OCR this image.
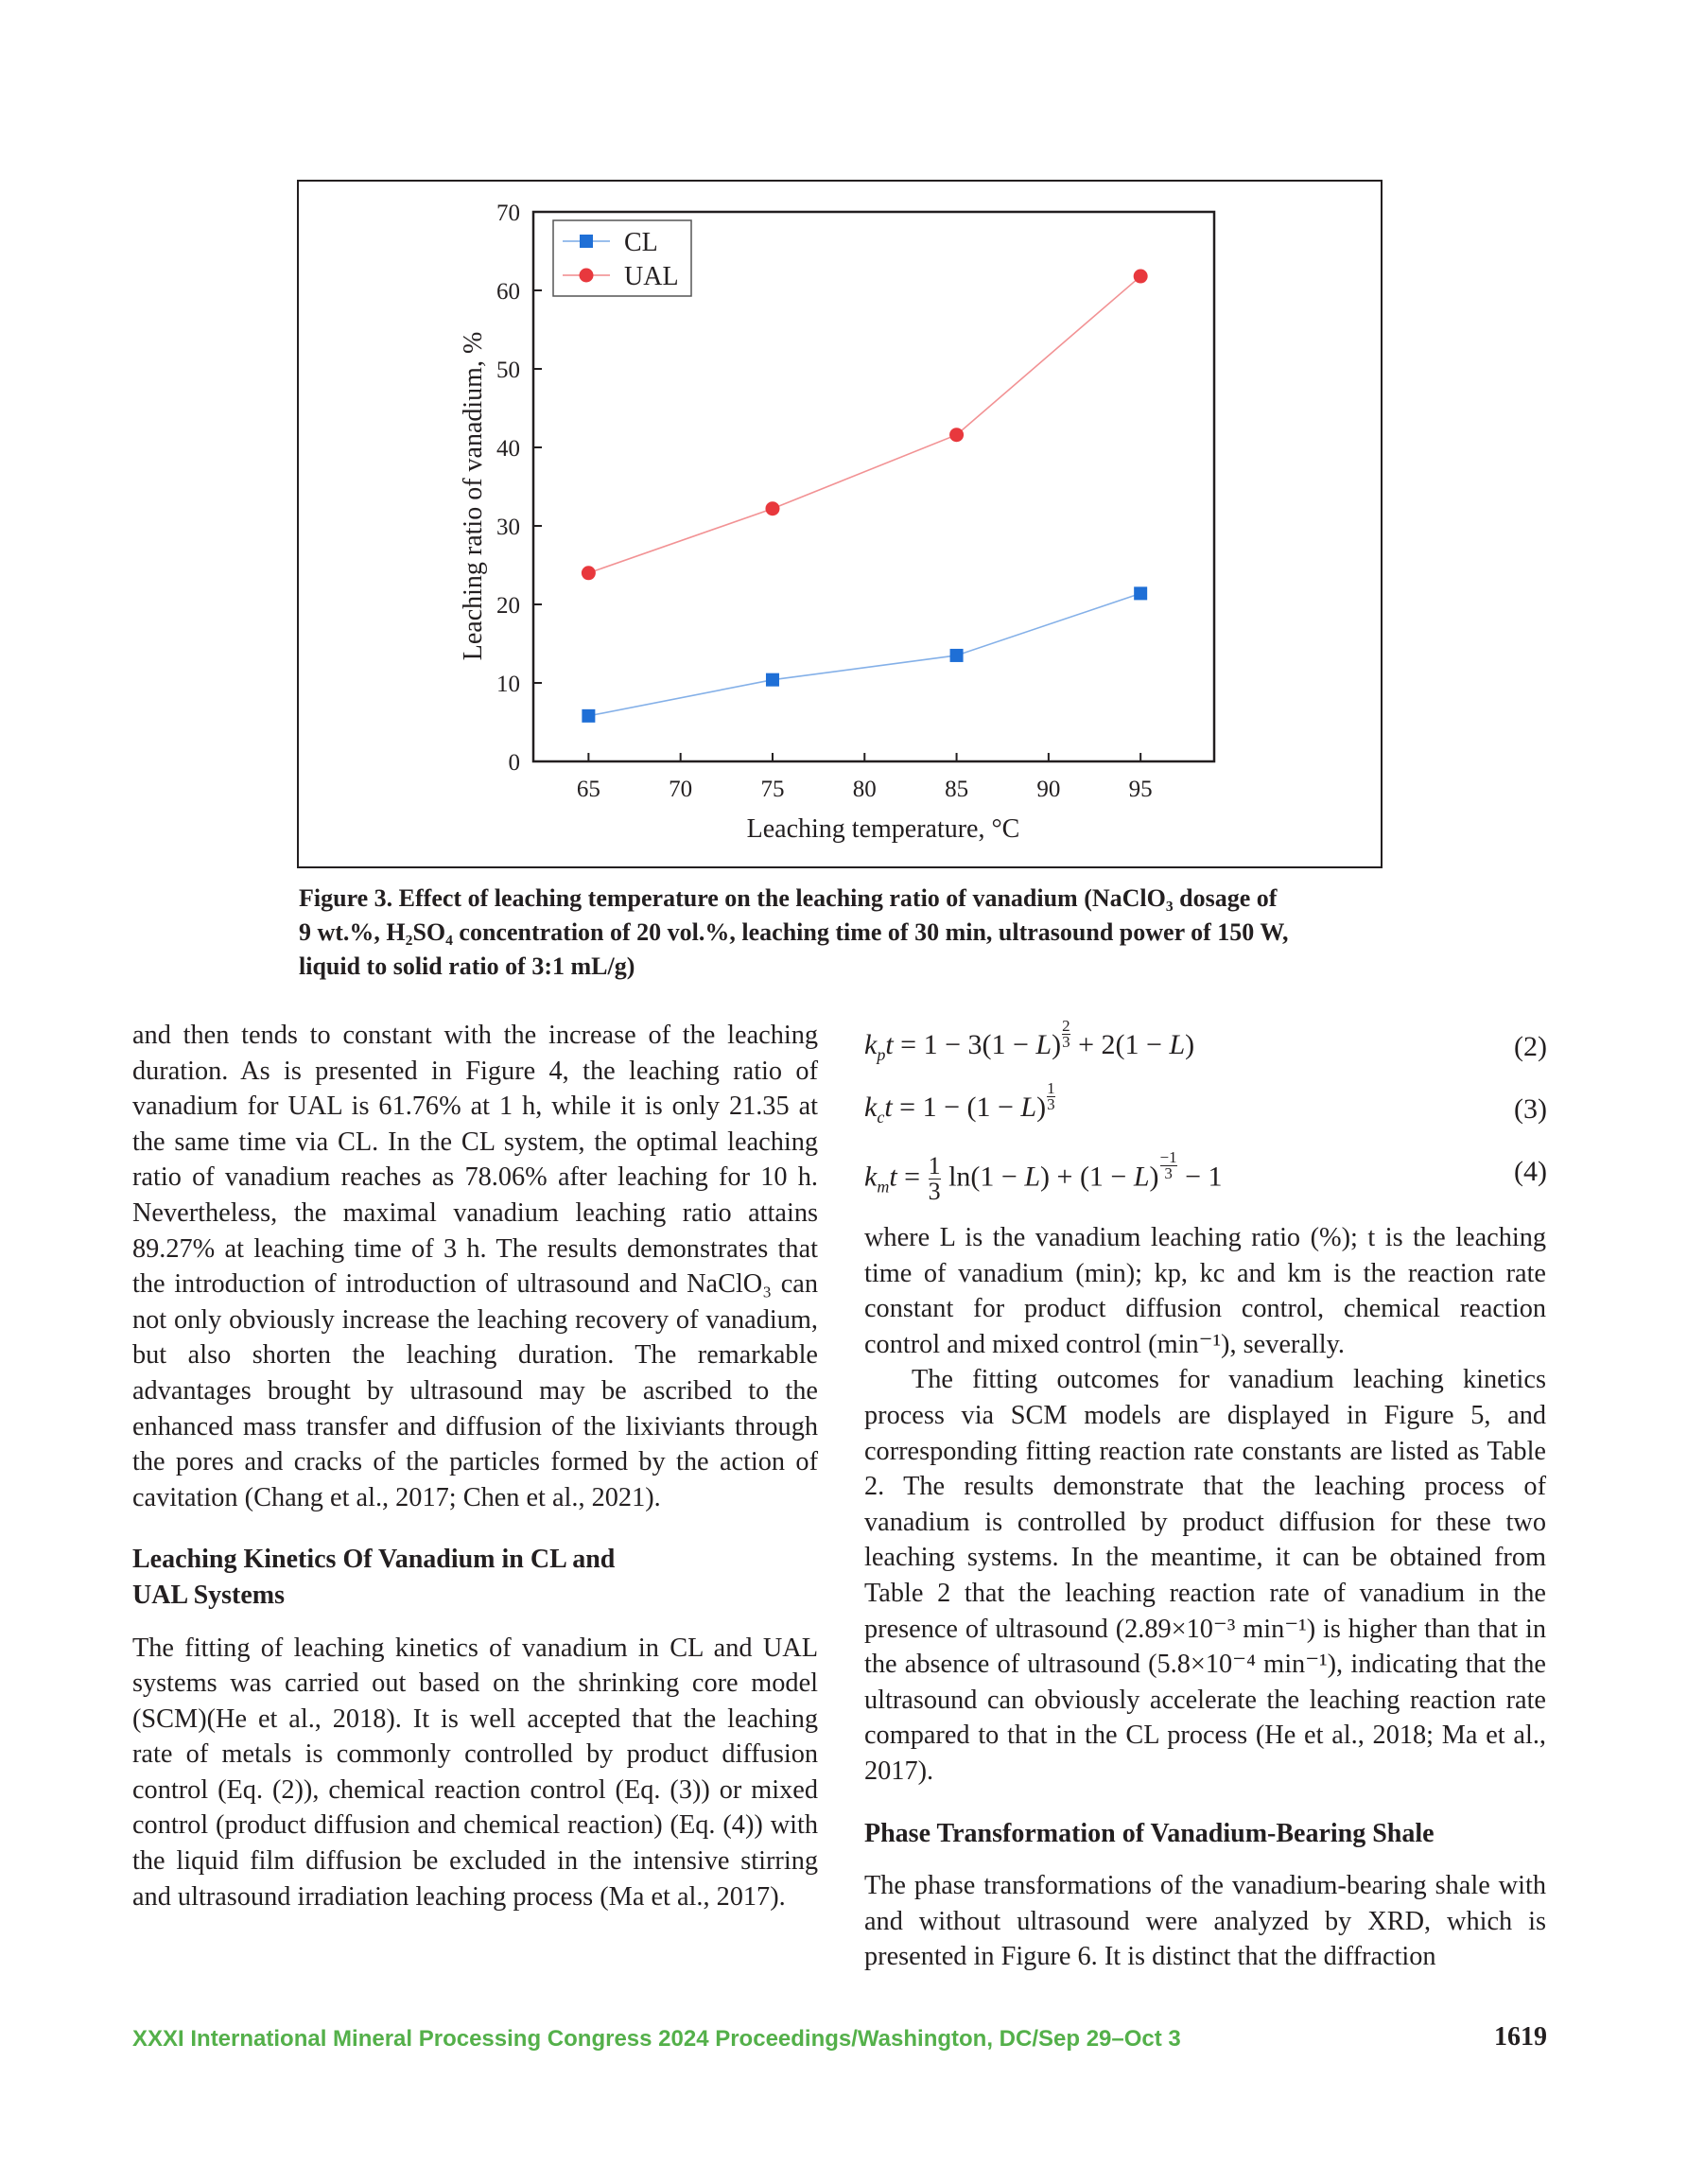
65	70	75	80	85	90	95
0
10
20
30
40
50
60
70
Leaching temperature, °C
Leaching ratio of vanadium, %
CL
UAL
Figure 3. Effect of leaching temperature on the leaching ratio of vanadium (NaClO₃ dosage of
9 wt.%, H₂SO₄ concentration of 20 vol.%, leaching time of 30 min, ultrasound power of 150 W,
liquid to solid ratio of 3:1 mL/g)

and then tends to constant with the increase of the leaching duration. As is presented in Figure 4, the leaching ratio of vanadium for UAL is 61.76% at 1 h, while it is only 21.35 at the same time via CL. In the CL system, the optimal leaching ratio of vanadium reaches as 78.06% after leaching for 10 h. Nevertheless, the maximal vanadium leaching ratio attains 89.27% at leaching time of 3 h. The results demonstrates that the introduction of introduction of ultrasound and NaClO₃ can not only obviously increase the leaching recovery of vanadium, but also shorten the leaching duration. The remarkable advantages brought by ultrasound may be ascribed to the enhanced mass transfer and diffusion of the lixiviants through the pores and cracks of the particles formed by the action of cavitation (Chang et al., 2017; Chen et al., 2021).

Leaching Kinetics Of Vanadium in CL and
UAL Systems

The fitting of leaching kinetics of vanadium in CL and UAL systems was carried out based on the shrinking core model (SCM)(He et al., 2018). It is well accepted that the leaching rate of metals is commonly controlled by product diffusion control (Eq. (2)), chemical reaction control (Eq. (3)) or mixed control (product diffusion and chemical reaction) (Eq. (4)) with the liquid film diffusion be excluded in the intensive stirring and ultrasound irradiation leaching process (Ma et al., 2017).

$k_pt = 1 - 3(1 - L) \frac{2}{3} + 2(1 - L)$	(2)
$k_ct = 1 - (1 - L) \frac{1}{3}$	(3)
$k_mt = \frac{1}{3} \ln(1 - L) + (1 - L) \frac{-1}{3} - 1$	(4)

where L is the vanadium leaching ratio (%); t is the leaching time of vanadium (min); kp, kc and km is the reaction rate constant for product diffusion control, chemical reaction control and mixed control (min⁻¹), severally.

The fitting outcomes for vanadium leaching kinetics process via SCM models are displayed in Figure 5, and corresponding fitting reaction rate constants are listed as Table 2. The results demonstrate that the leaching process of vanadium is controlled by product diffusion for these two leaching systems. In the meantime, it can be obtained from Table 2 that the leaching reaction rate of vanadium in the presence of ultrasound (2.89×10⁻³ min⁻¹) is higher than that in the absence of ultrasound (5.8×10⁻⁴ min⁻¹), indicating that the ultrasound can obviously accelerate the leaching reaction rate compared to that in the CL process (He et al., 2018; Ma et al., 2017).

Phase Transformation of Vanadium-Bearing Shale

The phase transformations of the vanadium-bearing shale with and without ultrasound were analyzed by XRD, which is presented in Figure 6. It is distinct that the diffraction

XXXI International Mineral Processing Congress 2024 Proceedings/Washington, DC/Sep 29–Oct 3	1619
